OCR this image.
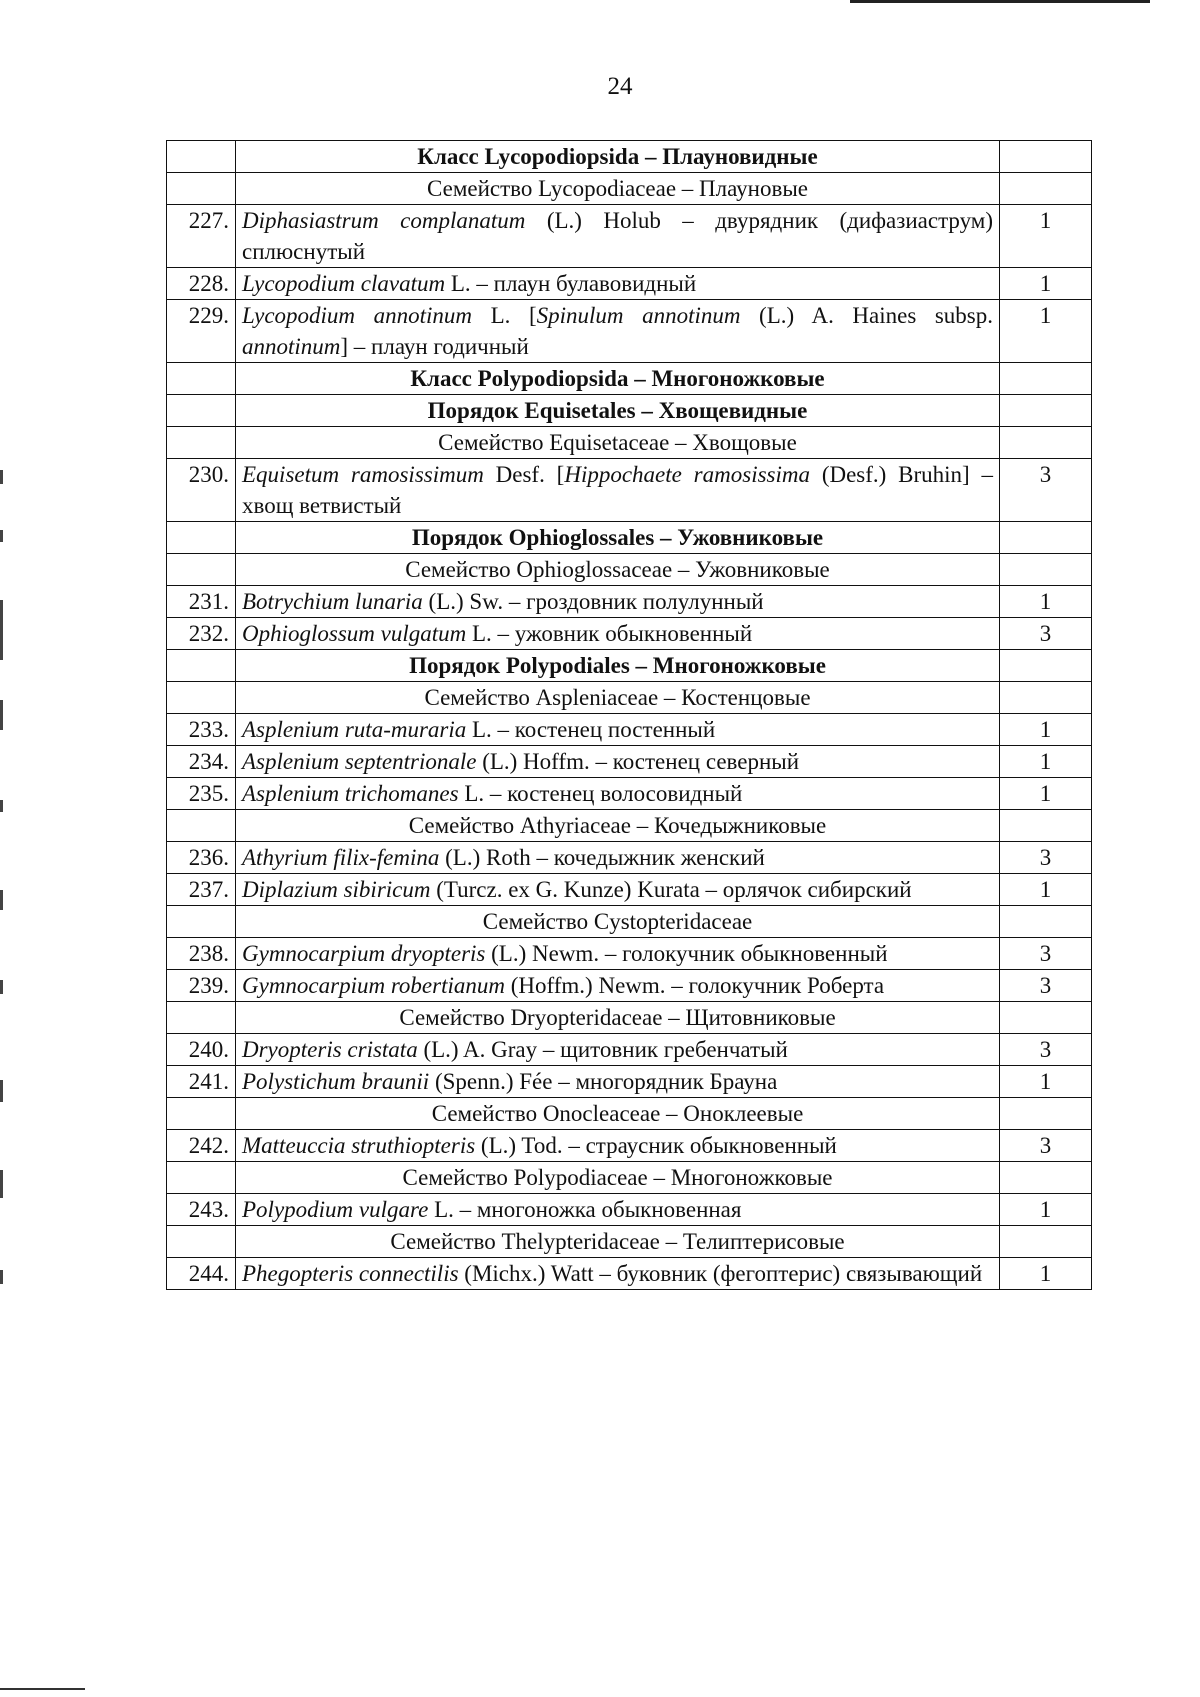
24
	Класс Lycopodiopsida – Плауновидные	
	Семейство Lycopodiaceae – Плауновые	
227.	Diphasiastrum complanatum (L.) Holub – двурядник (дифазиаструм) сплюснутый	1
228.	Lycopodium clavatum L. – плаун булавовидный	1
229.	Lycopodium annotinum L. [Spinulum annotinum (L.) A. Haines subsp. annotinum] – плаун годичный	1
	Класс Polypodiopsida – Многоножковые	
	Порядок Equisetales – Хвощевидные	
	Семейство Equisetaceae – Хвощовые	
230.	Equisetum ramosissimum Desf. [Hippochaete ramosissima (Desf.) Bruhin] – хвощ ветвистый	3
	Порядок Ophioglossales – Ужовниковые	
	Семейство Ophioglossaceae – Ужовниковые	
231.	Botrychium lunaria (L.) Sw. – гроздовник полулунный	1
232.	Ophioglossum vulgatum L. – ужовник обыкновенный	3
	Порядок Polypodiales – Многоножковые	
	Семейство Aspleniaceae – Костенцовые	
233.	Asplenium ruta-muraria L. – костенец постенный	1
234.	Asplenium septentrionale (L.) Hoffm. – костенец северный	1
235.	Asplenium trichomanes L. – костенец волосовидный	1
	Семейство Athyriaceae – Кочедыжниковые	
236.	Athyrium filix-femina (L.) Roth – кочедыжник женский	3
237.	Diplazium sibiricum (Turcz. ex G. Kunze) Kurata – орлячок сибирский	1
	Семейство Cystopteridaceae	
238.	Gymnocarpium dryopteris (L.) Newm. – голокучник обыкновенный	3
239.	Gymnocarpium robertianum (Hoffm.) Newm. – голокучник Роберта	3
	Семейство Dryopteridaceae – Щитовниковые	
240.	Dryopteris cristata (L.) A. Gray – щитовник гребенчатый	3
241.	Polystichum braunii (Spenn.) Fée – многорядник Брауна	1
	Семейство Onocleaceae – Оноклеевые	
242.	Matteuccia struthiopteris (L.) Tod. – страусник обыкновенный	3
	Семейство Polypodiaceae – Многоножковые	
243.	Polypodium vulgare L. – многоножка обыкновенная	1
	Семейство Thelypteridaceae – Телиптерисовые	
244.	Phegopteris connectilis (Michx.) Watt – буковник (фегоптерис) связывающий	1
